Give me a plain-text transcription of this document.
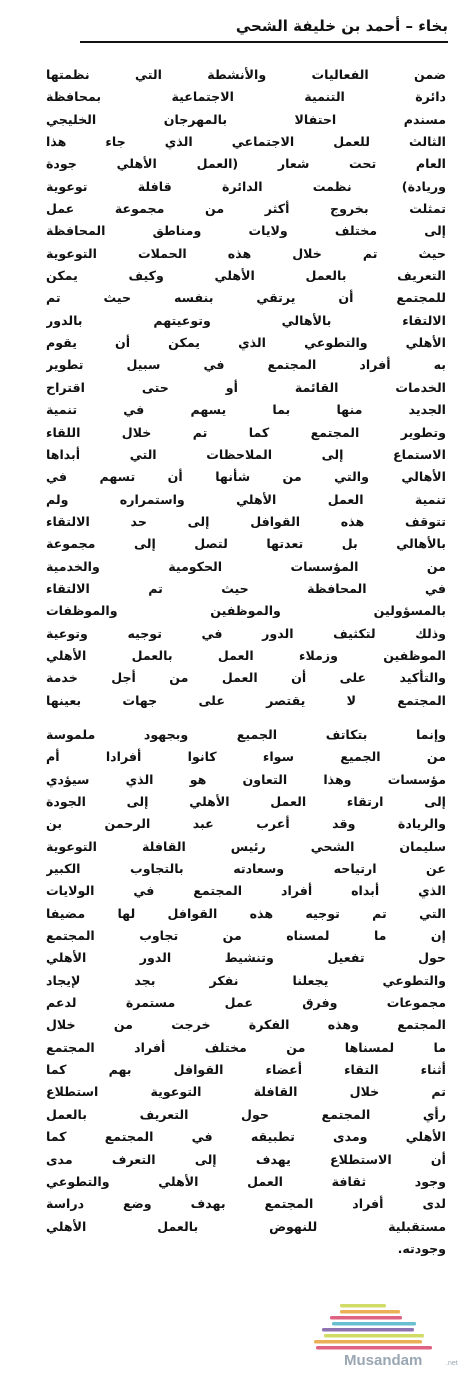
بخاء – أحمد بن خليفة الشحي
ضمن الفعاليات والأنشطة التي نظمتها
دائرة التنمية الاجتماعية بمحافظة
مسندم احتفالا بالمهرجان الخليجي
الثالث للعمل الاجتماعي الذي جاء هذا
العام تحت شعار (العمل الأهلي جودة
وريادة) نظمت الدائرة قافلة توعوية
تمثلت بخروج أكثر من مجموعة عمل
إلى مختلف ولايات ومناطق المحافظة
حيث تم خلال هذه الحملات التوعوية
التعريف بالعمل الأهلي وكيف يمكن
للمجتمع أن يرتقي بنفسه حيث تم
الالتقاء بالأهالي وتوعيتهم بالدور
الأهلي والتطوعي الذي يمكن أن يقوم
به أفراد المجتمع في سبيل تطوير
الخدمات القائمة أو حتى اقتراح
الجديد منها بما يسهم في تنمية
وتطوير المجتمع كما تم خلال اللقاء
الاستماع إلى الملاحظات التي أبداها
الأهالي والتي من شأنها أن تسهم في
تنمية العمل الأهلي واستمراره ولم
تتوقف هذه القوافل إلى حد الالتقاء
بالأهالي بل تعدتها لتصل إلى مجموعة
من المؤسسات الحكومية والخدمية
في المحافظة حيث تم الالتقاء
بالمسؤولين والموظفين والموظفات
وذلك لتكثيف الدور في توجيه وتوعية
الموظفين وزملاء العمل بالعمل الأهلي
والتأكيد على أن العمل من أجل خدمة
المجتمع لا يقتصر على جهات بعينها
وإنما بتكاتف الجميع وبجهود ملموسة
من الجميع سواء كانوا أفرادا أم
مؤسسات وهذا التعاون هو الذي سيؤدي
إلى ارتقاء العمل الأهلي إلى الجودة
والريادة وقد أعرب عبد الرحمن بن
سليمان الشحي رئيس القافلة التوعوية
عن ارتياحه وسعادته بالتجاوب الكبير
الذي أبداه أفراد المجتمع في الولايات
التي تم توجيه هذه القوافل لها مضيفا
إن ما لمسناه من تجاوب المجتمع
حول تفعيل وتنشيط الدور الأهلي
والتطوعي يجعلنا نفكر بجد لإيجاد
مجموعات وفرق عمل مستمرة لدعم
المجتمع وهذه الفكرة خرجت من خلال
ما لمسناها من مختلف أفراد المجتمع
أثناء التقاء أعضاء القوافل بهم كما
تم خلال القافلة التوعوية استطلاع
رأي المجتمع حول التعريف بالعمل
الأهلي ومدى تطبيقه في المجتمع كما
أن الاستطلاع يهدف إلى التعرف مدى
وجود ثقافة العمل الأهلي والتطوعي
لدى أفراد المجتمع بهدف وضع دراسة
مستقبلية للنهوض بالعمل الأهلي
وجودته.
Musandam	.net
